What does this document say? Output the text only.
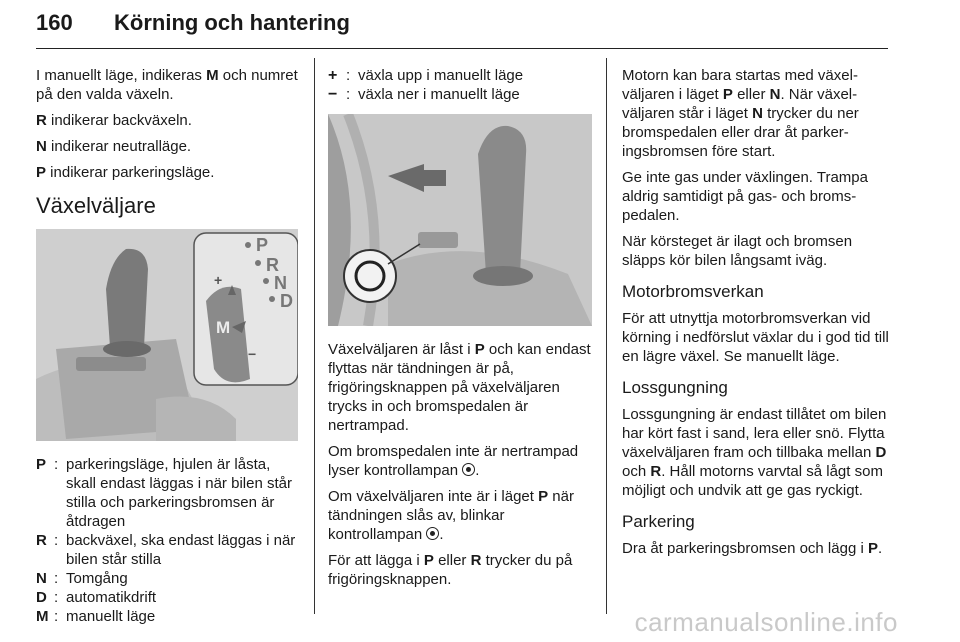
160 Körning och hantering

I manuellt läge, indikeras M och numret på den valda växeln.

R indikerar backväxeln.

N indikerar neutralläge.

P indikerar parkeringsläge.

Växelväljare
P
R
N
D
M
+
−
P : parkeringsläge, hjulen är låsta, skall endast läggas i när bilen står stilla och parkeringsbromsen är åtdragen
R : backväxel, ska endast läggas i när bilen står stilla
N : Tomgång
D : automatikdrift
M : manuellt läge
+ : växla upp i manuellt läge
− : växla ner i manuellt läge

Växelväljaren är låst i P och kan endast flyttas när tändningen är på, frigöringsknappen på växelväljaren trycks in och bromspedalen är nertrampad.

Om bromspedalen inte är nertrampad lyser kontrollampan .

Om växelväljaren inte är i läget P när tändningen slås av, blinkar kontrollampan .

För att lägga i P eller R trycker du på frigöringsknappen.

Motorn kan bara startas med växelväljaren i läget P eller N. När växelväljaren står i läget N trycker du ner bromspedalen eller drar åt parkeringsbromsen före start.

Ge inte gas under växlingen. Trampa aldrig samtidigt på gas- och bromspedalen.

När körsteget är ilagt och bromsen släpps kör bilen långsamt iväg.

Motorbromsverkan

För att utnyttja motorbromsverkan vid körning i nedförslut växlar du i god tid till en lägre växel. Se manuellt läge.

Lossgungning

Lossgungning är endast tillåtet om bilen har kört fast i sand, lera eller snö. Flytta växelväljaren fram och tillbaka mellan D och R. Håll motorns varvtal så lågt som möjligt och undvik att ge gas ryckigt.

Parkering

Dra åt parkeringsbromsen och lägg i P.

carmanualsonline.info
